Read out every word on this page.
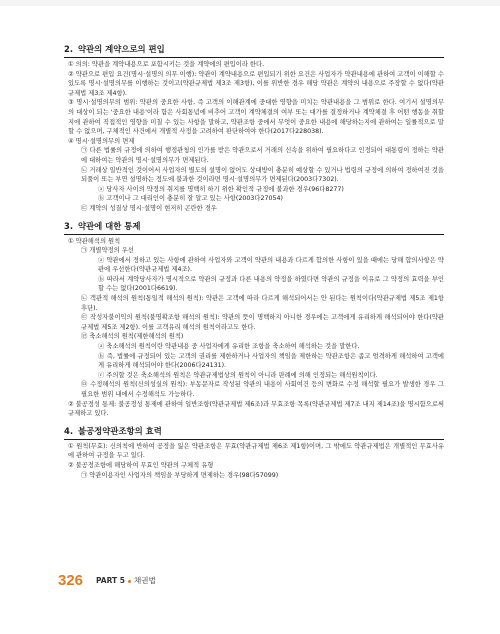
2. 약관의 계약으로의 편입
① 의의: 약관을 계약내용으로 포함시키는 것을 계약에의 편입이라 한다.
② 약관으로 편입 요건(명시·설명의 의무 이행): 약관이 계약내용으로 편입되기 위한 요건은 사업자가 약관내용에 관하여 고객이 이해할 수 있도록 명시·설명의무를 이행하는 것이고(약관규제법 제3조 제3항), 이를 위반한 경우 해당 약관은 계약의 내용으로 주장할 수 없다(약관규제법 제3조 제4항).
③ 명시·설명의무의 범위: 약관의 중요한 사항, 즉 고객의 이해관계에 중대한 영향을 미치는 약관내용을 그 범위로 한다. 여기서 설명의무의 대상이 되는 '중요한 내용'이라 함은 사회통념에 비추어 고객이 계약체결의 여부 또는 대가를 결정하거나 계약체결 후 어떤 행동을 취할지에 관하여 직접적인 영향을 미칠 수 있는 사항을 말하고, 약관조항 중에서 무엇이 중요한 내용에 해당하는지에 관하여는 일률적으로 말할 수 없으며, 구체적인 사건에서 개별적 사정을 고려하여 판단하여야 한다(2017다228038).
④ 명시·설명의무의 면제
㉠ 다른 법률의 규정에 의하여 행정관청의 인가를 받은 약관으로서 거래의 신속을 위하여 필요하다고 인정되어 대통령이 정하는 약관에 대하여는 약관의 명시·설명의무가 면제된다.
㉡ 거래상 일반적인 것이어서 사업자의 별도의 설명이 없어도 상대방이 충분히 예상할 수 있거나 법령의 규정에 의하여 정하여진 것을 되풀이 또는 부연 설명하는 정도에 불과한 것이라면 명시·설명의무가 면제된다(2003다7302).
ⓐ 당사자 사이의 약정의 취지를 명백히 하기 위한 확인적 규정에 불과한 경우(96다8277)
ⓑ 고객이나 그 대리인이 충분히 잘 알고 있는 사항(2003다27054)
㉢ 계약의 성질상 명시·설명이 현저히 곤란한 경우
3. 약관에 대한 통제
① 약관해석의 원칙
㉠ 개별약정의 우선
ⓐ 약관에서 정하고 있는 사항에 관하여 사업자와 고객이 약관의 내용과 다르게 합의한 사항이 있을 때에는 당해 합의사항은 약관에 우선한다(약관규제법 제4조).
ⓑ 따라서 계약당사자가 명시적으로 약관의 규정과 다른 내용의 약정을 하였다면 약관의 규정을 이유로 그 약정의 효력을 부인할 수는 없다(2001다6619).
㉡ 객관적 해석의 원칙(통일적 해석의 원칙): 약관은 고객에 따라 다르게 해석되어서는 안 된다는 원칙이다(약관규제법 제5조 제1항 후단).
㉢ 작성자불이익의 원칙(불명확조항 해석의 원칙): 약관의 뜻이 명백하지 아니한 경우에는 고객에게 유리하게 해석되어야 한다(약관규제법 제5조 제2항). 이를 고객유리 해석의 원칙이라고도 한다.
㉣ 축소해석의 원칙(제한해석의 원칙)
ⓐ 축소해석의 원칙이란 약관내용 중 사업자에게 유리한 조항을 축소하여 해석하는 것을 말한다.
ⓑ 즉, 법률에 규정되어 있는 고객의 권리를 제한하거나 사업자의 책임을 제한하는 약관조항은 좁고 엄격하게 해석하여 고객에게 유리하게 해석되어야 한다(2006다24131).
ⓒ 주의할 것은 축소해석의 원칙은 약관규제법상의 원칙이 아니라 판례에 의해 인정되는 해석원칙이다.
㉤ 수정해석의 원칙(신의성실의 원칙): 부동문자로 작성된 약관의 내용이 사회여건 등의 변화로 수정 해석할 필요가 발생한 경우 그 필요한 범위 내에서 수정해석도 가능하다.
② 불공정성 통제: 불공정성 통제에 관하여 일반조항(약관규제법 제6조)과 무효조항 목록(약관규제법 제7조 내지 제14조)을 명시함으로써 규제하고 있다.
4. 불공정약관조항의 효력
① 원칙(무효): 신의칙에 반하여 공정을 잃은 약관조항은 무효(약관규제법 제6조 제1항)이며, 그 밖에도 약관규제법은 개별적인 무효사유에 관하여 규정을 두고 있다.
② 불공정조항에 해당하여 무효인 약관의 구체적 유형
㉠ 약관이용자인 사업자의 책임을 부당하게 면제하는 경우(98다57099)
326 PART 5 채권법
